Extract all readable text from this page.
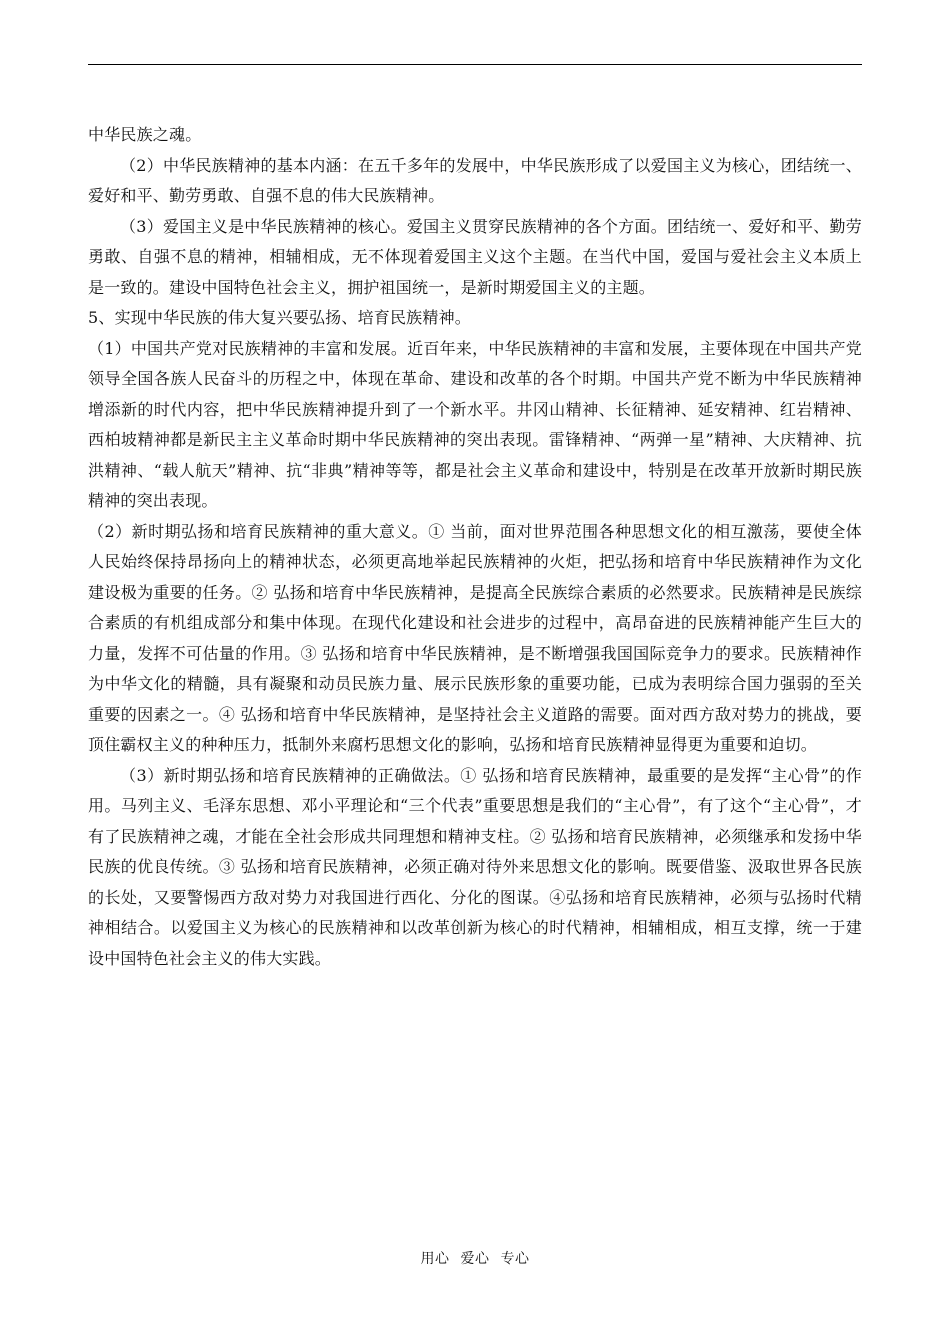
中华民族之魂。

（2）中华民族精神的基本内涵：在五千多年的发展中，中华民族形成了以爱国主义为核心，团结统一、爱好和平、勤劳勇敢、自强不息的伟大民族精神。

（3）爱国主义是中华民族精神的核心。爱国主义贯穿民族精神的各个方面。团结统一、爱好和平、勤劳勇敢、自强不息的精神，相辅相成，无不体现着爱国主义这个主题。在当代中国，爱国与爱社会主义本质上是一致的。建设中国特色社会主义，拥护祖国统一，是新时期爱国主义的主题。

5、实现中华民族的伟大复兴要弘扬、培育民族精神。

（1）中国共产党对民族精神的丰富和发展。近百年来，中华民族精神的丰富和发展，主要体现在中国共产党领导全国各族人民奋斗的历程之中，体现在革命、建设和改革的各个时期。中国共产党不断为中华民族精神增添新的时代内容，把中华民族精神提升到了一个新水平。井冈山精神、长征精神、延安精神、红岩精神、西柏坡精神都是新民主主义革命时期中华民族精神的突出表现。雷锋精神、“两弹一星”精神、大庆精神、抗洪精神、“载人航天”精神、抗“非典”精神等等，都是社会主义革命和建设中，特别是在改革开放新时期民族精神的突出表现。

（2）新时期弘扬和培育民族精神的重大意义。① 当前，面对世界范围各种思想文化的相互激荡，要使全体人民始终保持昂扬向上的精神状态，必须更高地举起民族精神的火炬，把弘扬和培育中华民族精神作为文化建设极为重要的任务。② 弘扬和培育中华民族精神，是提高全民族综合素质的必然要求。民族精神是民族综合素质的有机组成部分和集中体现。在现代化建设和社会进步的过程中，高昂奋进的民族精神能产生巨大的力量，发挥不可估量的作用。③ 弘扬和培育中华民族精神，是不断增强我国国际竞争力的要求。民族精神作为中华文化的精髓，具有凝聚和动员民族力量、展示民族形象的重要功能，已成为表明综合国力强弱的至关重要的因素之一。④ 弘扬和培育中华民族精神，是坚持社会主义道路的需要。面对西方敌对势力的挑战，要顶住霸权主义的种种压力，抵制外来腐朽思想文化的影响，弘扬和培育民族精神显得更为重要和迫切。

（3）新时期弘扬和培育民族精神的正确做法。① 弘扬和培育民族精神，最重要的是发挥“主心骨”的作用。马列主义、毛泽东思想、邓小平理论和“三个代表”重要思想是我们的“主心骨”，有了这个“主心骨”，才有了民族精神之魂，才能在全社会形成共同理想和精神支柱。② 弘扬和培育民族精神，必须继承和发扬中华民族的优良传统。③ 弘扬和培育民族精神，必须正确对待外来思想文化的影响。既要借鉴、汲取世界各民族的长处，又要警惕西方敌对势力对我国进行西化、分化的图谋。④弘扬和培育民族精神，必须与弘扬时代精神相结合。以爱国主义为核心的民族精神和以改革创新为核心的时代精神，相辅相成，相互支撑，统一于建设中国特色社会主义的伟大实践。

用心 爱心 专心
